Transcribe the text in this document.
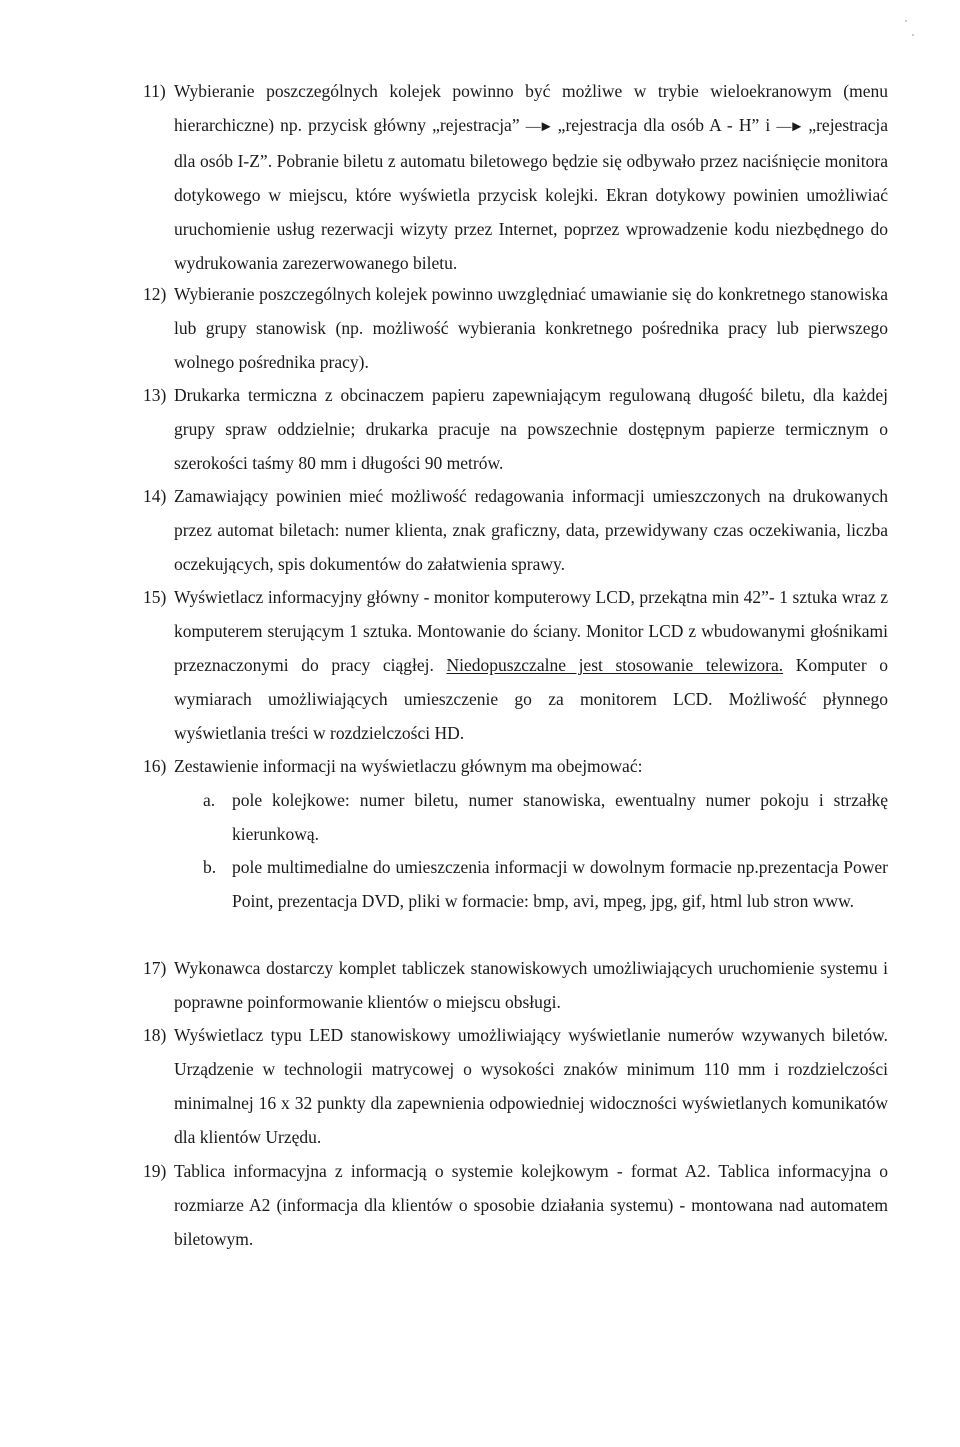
11) Wybieranie poszczególnych kolejek powinno być możliwe w trybie wieloekranowym (menu hierarchiczne) np. przycisk główny „rejestracja” —► „rejestracja dla osób A - H” i —► „rejestracja dla osób I-Z”. Pobranie biletu z automatu biletowego będzie się odbywało przez naciśnięcie monitora dotykowego w miejscu, które wyświetla przycisk kolejki. Ekran dotykowy powinien umożliwiać uruchomienie usług rezerwacji wizyty przez Internet, poprzez wprowadzenie kodu niezbędnego do wydrukowania zarezerwowanego biletu.
12) Wybieranie poszczególnych kolejek powinno uwzględniać umawianie się do konkretnego stanowiska lub grupy stanowisk (np. możliwość wybierania konkretnego pośrednika pracy lub pierwszego wolnego pośrednika pracy).
13) Drukarka termiczna z obcinaczem papieru zapewniającym regulowaną długość biletu, dla każdej grupy spraw oddzielnie; drukarka pracuje na powszechnie dostępnym papierze termicznym o szerokości taśmy 80 mm i długości 90 metrów.
14) Zamawiający powinien mieć możliwość redagowania informacji umieszczonych na drukowanych przez automat biletach: numer klienta, znak graficzny, data, przewidywany czas oczekiwania, liczba oczekujących, spis dokumentów do załatwienia sprawy.
15) Wyświetlacz informacyjny główny - monitor komputerowy LCD, przekątna min 42”- 1 sztuka wraz z komputerem sterującym 1 sztuka. Montowanie do ściany. Monitor LCD z wbudowanymi głośnikami przeznaczonymi do pracy ciągłej. Niedopuszczalne jest stosowanie telewizora. Komputer o wymiarach umożliwiających umieszczenie go za monitorem LCD. Możliwość płynnego wyświetlania treści w rozdzielczości HD.
16) Zestawienie informacji na wyświetlaczu głównym ma obejmować:
a. pole kolejkowe: numer biletu, numer stanowiska, ewentualny numer pokoju i strzałkę kierunkową.
b. pole multimedialne do umieszczenia informacji w dowolnym formacie np.prezentacja Power Point, prezentacja DVD, pliki w formacie: bmp, avi, mpeg, jpg, gif, html lub stron www.
17) Wykonawca dostarczy komplet tabliczek stanowiskowych umożliwiających uruchomienie systemu i poprawne poinformowanie klientów o miejscu obsługi.
18) Wyświetlacz typu LED stanowiskowy umożliwiający wyświetlanie numerów wzywanych biletów. Urządzenie w technologii matrycowej o wysokości znaków minimum 110 mm i rozdzielczości minimalnej 16 x 32 punkty dla zapewnienia odpowiedniej widoczności wyświetlanych komunikatów dla klientów Urzędu.
19) Tablica informacyjna z informacją o systemie kolejkowym - format A2. Tablica informacyjna o rozmiarze A2 (informacja dla klientów o sposobie działania systemu) - montowana nad automatem biletowym.
